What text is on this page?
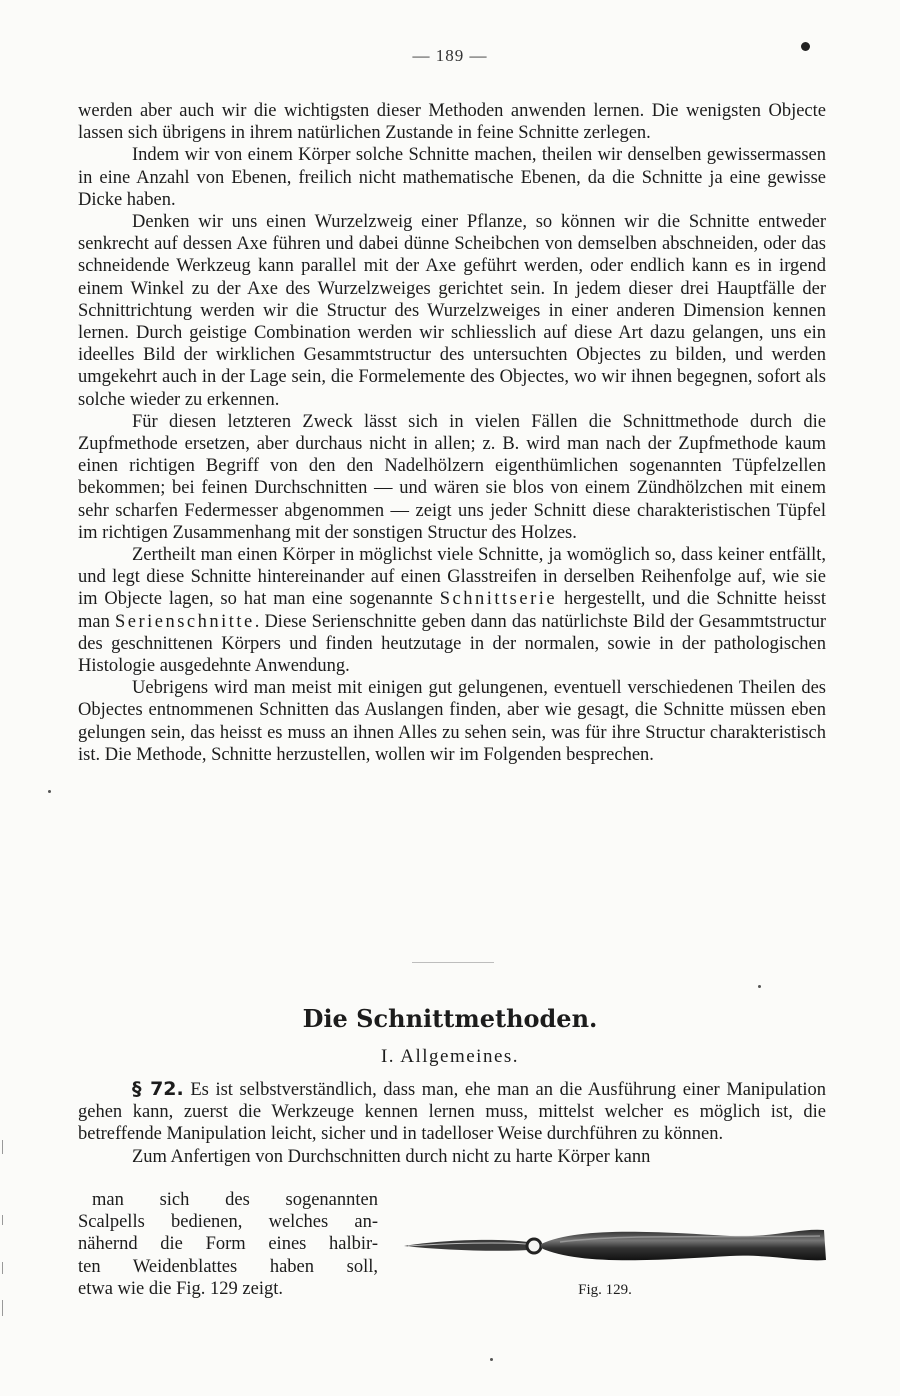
— 189 —

werden aber auch wir die wichtigsten dieser Methoden anwenden lernen. Die wenigsten Objecte lassen sich übrigens in ihrem natürlichen Zustande in feine Schnitte zerlegen.

Indem wir von einem Körper solche Schnitte machen, theilen wir denselben gewissermassen in eine Anzahl von Ebenen, freilich nicht mathematische Ebenen, da die Schnitte ja eine gewisse Dicke haben.

Denken wir uns einen Wurzelzweig einer Pflanze, so können wir die Schnitte entweder senkrecht auf dessen Axe führen und dabei dünne Scheibchen von demselben abschneiden, oder das schneidende Werkzeug kann parallel mit der Axe geführt werden, oder endlich kann es in irgend einem Winkel zu der Axe des Wurzelzweiges gerichtet sein. In jedem dieser drei Hauptfälle der Schnittrichtung werden wir die Structur des Wurzelzweiges in einer anderen Dimension kennen lernen. Durch geistige Combination werden wir schliesslich auf diese Art dazu gelangen, uns ein ideelles Bild der wirklichen Gesammtstructur des untersuchten Objectes zu bilden, und werden umgekehrt auch in der Lage sein, die Formelemente des Objectes, wo wir ihnen begegnen, sofort als solche wieder zu erkennen.

Für diesen letzteren Zweck lässt sich in vielen Fällen die Schnittmethode durch die Zupfmethode ersetzen, aber durchaus nicht in allen; z. B. wird man nach der Zupfmethode kaum einen richtigen Begriff von den den Nadelhölzern eigenthümlichen sogenannten Tüpfelzellen bekommen; bei feinen Durchschnitten — und wären sie blos von einem Zündhölzchen mit einem sehr scharfen Federmesser abgenommen — zeigt uns jeder Schnitt diese charakteristischen Tüpfel im richtigen Zusammenhang mit der sonstigen Structur des Holzes.

Zertheilt man einen Körper in möglichst viele Schnitte, ja womöglich so, dass keiner entfällt, und legt diese Schnitte hintereinander auf einen Glasstreifen in derselben Reihenfolge auf, wie sie im Objecte lagen, so hat man eine sogenannte Schnittserie hergestellt, und die Schnitte heisst man Serienschnitte. Diese Serienschnitte geben dann das natürlichste Bild der Gesammtstructur des geschnittenen Körpers und finden heutzutage in der normalen, sowie in der pathologischen Histologie ausgedehnte Anwendung.

Uebrigens wird man meist mit einigen gut gelungenen, eventuell verschiedenen Theilen des Objectes entnommenen Schnitten das Auslangen finden, aber wie gesagt, die Schnitte müssen eben gelungen sein, das heisst es muss an ihnen Alles zu sehen sein, was für ihre Structur charakteristisch ist. Die Methode, Schnitte herzustellen, wollen wir im Folgenden besprechen.

Die Schnittmethoden.
I. Allgemeines.

§ 72. Es ist selbstverständlich, dass man, ehe man an die Ausführung einer Manipulation gehen kann, zuerst die Werkzeuge kennen lernen muss, mittelst welcher es möglich ist, die betreffende Manipulation leicht, sicher und in tadelloser Weise durchführen zu können.

Zum Anfertigen von Durchschnitten durch nicht zu harte Körper kann

man sich des sogenannten
Scalpells bedienen, welches an-
nähernd die Form eines halbir-
ten Weidenblattes haben soll,
etwa wie die Fig. 129 zeigt.	Fig. 129.
